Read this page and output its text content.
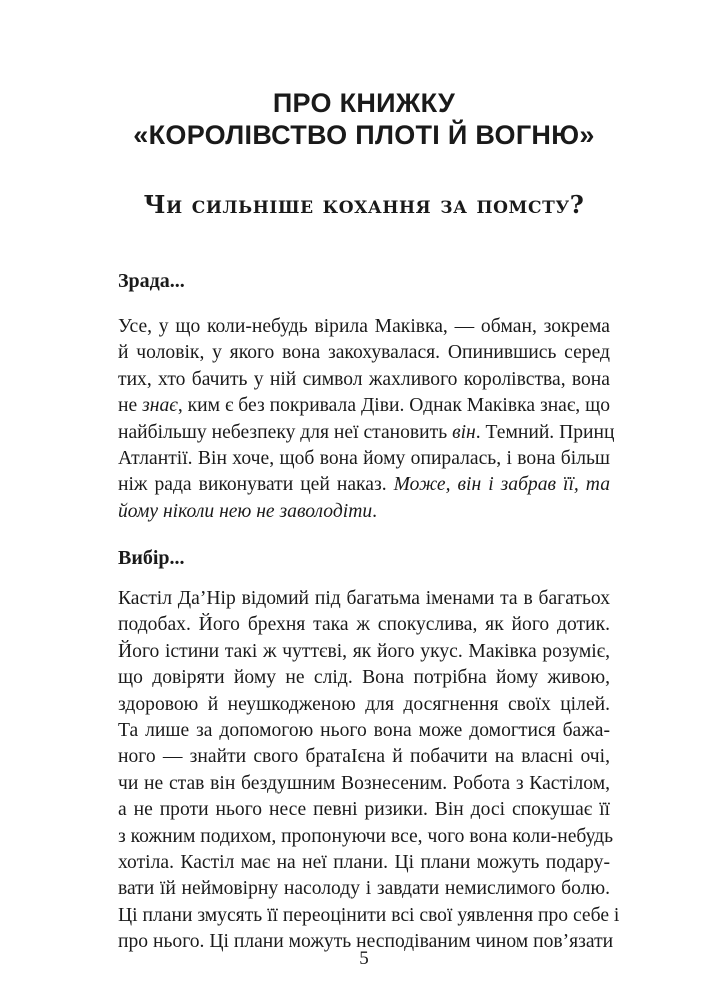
ПРО КНИЖКУ
«КОРОЛІВСТВО ПЛОТІ Й ВОГНЮ»
Чи сильніше кохання за помсту?
Зрада...
Усе, у що коли-небудь вірила Маківка, — обман, зокрема
й чоловік, у якого вона закохувалася. Опинившись серед
тих, хто бачить у ній символ жахливого королівства, вона
не знає, ким є без покривала Діви. Однак Маківка знає, що
найбільшу небезпеку для неї становить він. Темний. Принц
Атлантії. Він хоче, щоб вона йому опиралась, і вона більш
ніж рада виконувати цей наказ. Може, він і забрав її, та
йому ніколи нею не заволодіти.
Вибір...
Кастіл Да’Нір відомий під багатьма іменами та в багатьох
подобах. Його брехня така ж спокуслива, як його дотик.
Його істини такі ж чуттєві, як його укус. Маківка розуміє,
що довіряти йому не слід. Вона потрібна йому живою,
здоровою й неушкодженою для досягнення своїх цілей.
Та лише за допомогою нього вона може домогтися бажа-
ного — знайти свого братаІєна й побачити на власні очі,
чи не став він бездушним Вознесеним. Робота з Кастілом,
а не проти нього несе певні ризики. Він досі спокушає її
з кожним подихом, пропонуючи все, чого вона коли-небудь
хотіла. Кастіл має на неї плани. Ці плани можуть подару-
вати їй неймовірну насолоду і завдати немислимого болю.
Ці плани змусять її переоцінити всі свої уявлення про себе і
про нього. Ці плани можуть несподіваним чином пов’язати
5
